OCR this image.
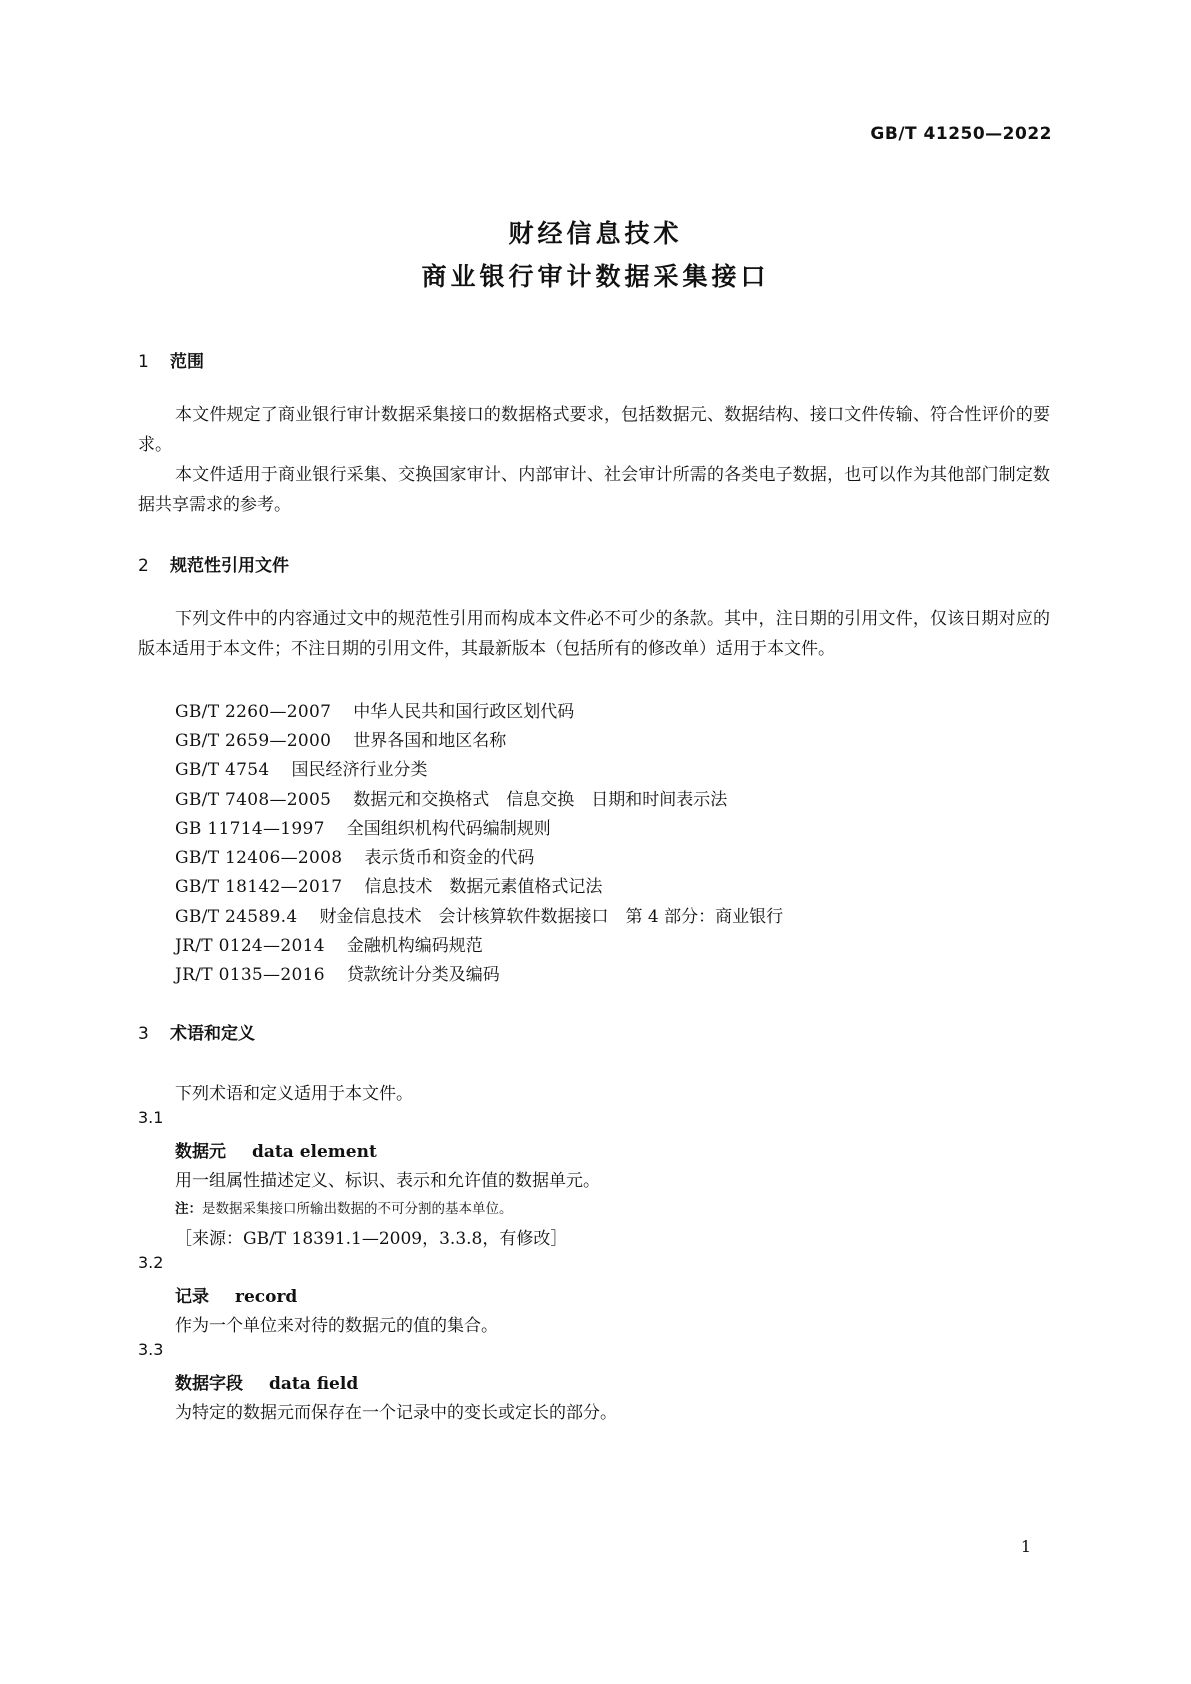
GB/T 41250—2022
财经信息技术
商业银行审计数据采集接口
1 范围
本文件规定了商业银行审计数据采集接口的数据格式要求，包括数据元、数据结构、接口文件传输、符合性评价的要求。
本文件适用于商业银行采集、交换国家审计、内部审计、社会审计所需的各类电子数据，也可以作为其他部门制定数据共享需求的参考。
2 规范性引用文件
下列文件中的内容通过文中的规范性引用而构成本文件必不可少的条款。其中，注日期的引用文件，仅该日期对应的版本适用于本文件；不注日期的引用文件，其最新版本（包括所有的修改单）适用于本文件。
GB/T 2260—2007 中华人民共和国行政区划代码
GB/T 2659—2000 世界各国和地区名称
GB/T 4754 国民经济行业分类
GB/T 7408—2005 数据元和交换格式　信息交换　日期和时间表示法
GB 11714—1997 全国组织机构代码编制规则
GB/T 12406—2008 表示货币和资金的代码
GB/T 18142—2017 信息技术　数据元素值格式记法
GB/T 24589.4 财金信息技术　会计核算软件数据接口　第 4 部分：商业银行
JR/T 0124—2014 金融机构编码规范
JR/T 0135—2016 贷款统计分类及编码
3 术语和定义
下列术语和定义适用于本文件。
3.1
数据元 data element
用一组属性描述定义、标识、表示和允许值的数据单元。
注：是数据采集接口所输出数据的不可分割的基本单位。
［来源：GB/T 18391.1—2009，3.3.8，有修改］
3.2
记录 record
作为一个单位来对待的数据元的值的集合。
3.3
数据字段 data field
为特定的数据元而保存在一个记录中的变长或定长的部分。
1
